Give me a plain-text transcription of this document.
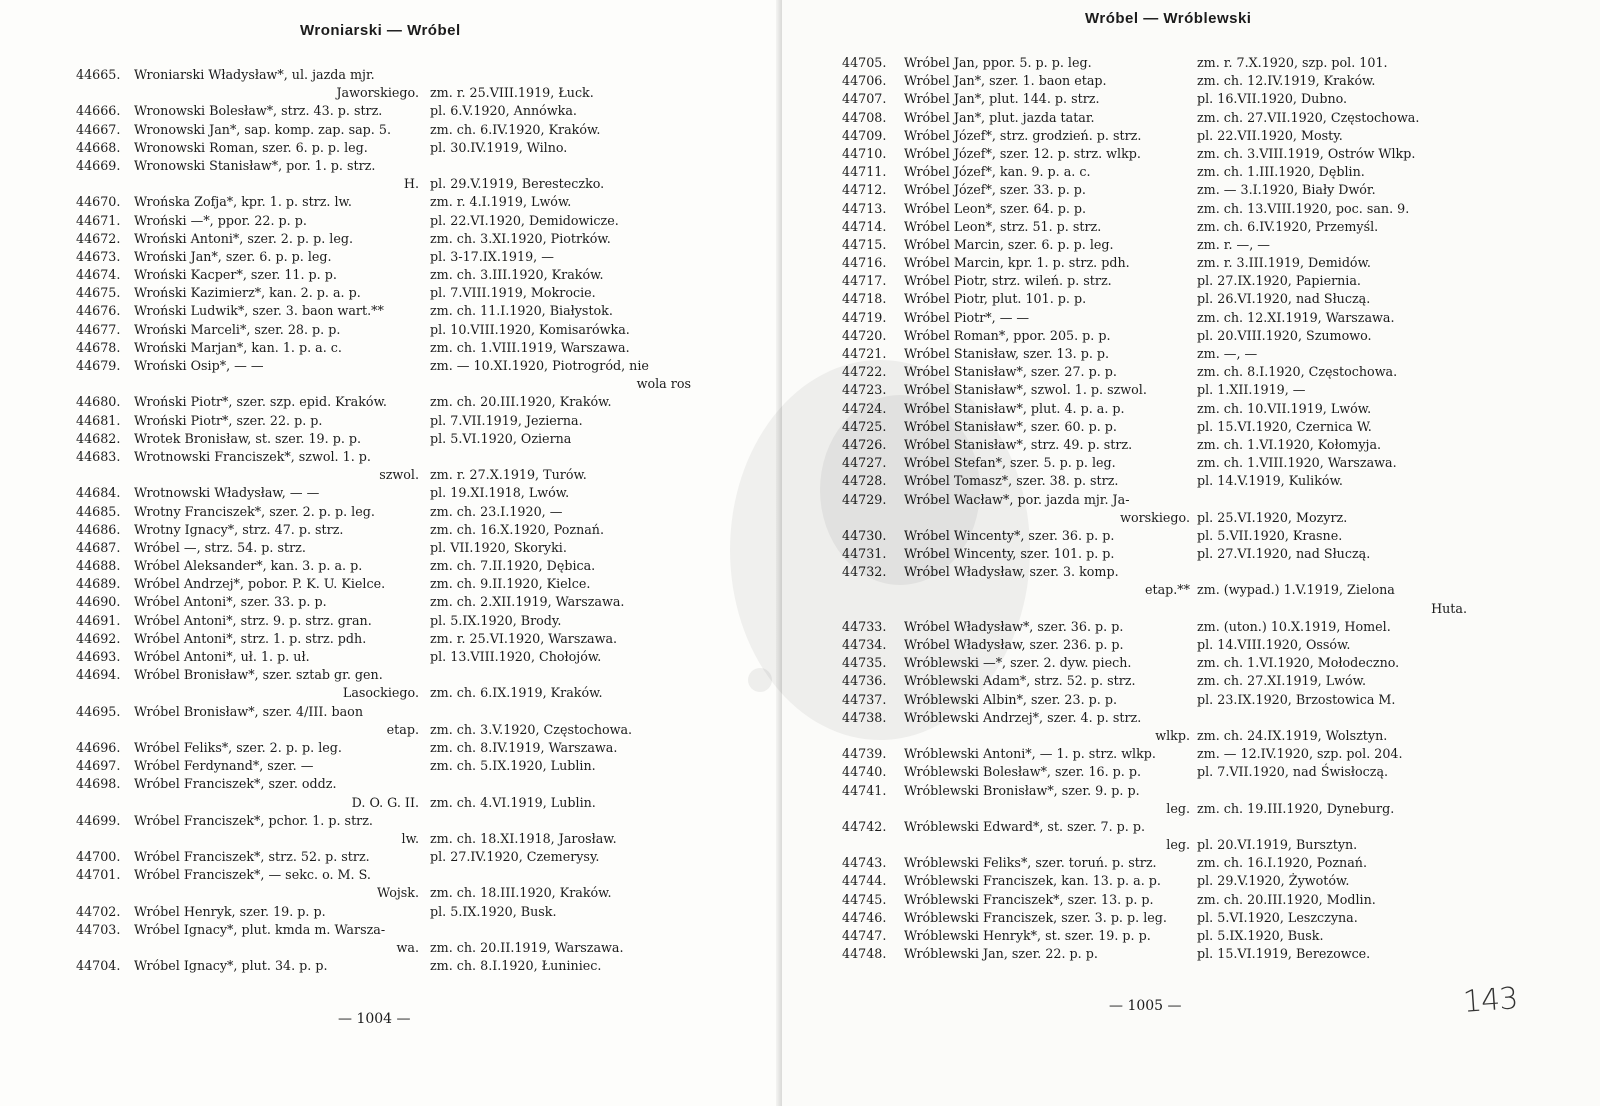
Wroniarski — Wróbel
44665. Wroniarski Władysław*, ul. jazda mjr.
Jaworskiego. zm. r. 25.VIII.1919, Łuck.
44666. Wronowski Bolesław*, strz. 43. p. strz.	pl. 6.V.1920, Annówka.
44667. Wronowski Jan*, sap. komp. zap. sap. 5.	zm. ch. 6.IV.1920, Kraków.
44668. Wronowski Roman, szer. 6. p. p. leg.	pl. 30.IV.1919, Wilno.
44669. Wronowski Stanisław*, por. 1. p. strz.
H. pl. 29.V.1919, Beresteczko.
44670. Wrońska Zofja*, kpr. 1. p. strz. lw.	zm. r. 4.I.1919, Lwów.
44671. Wroński —*, ppor. 22. p. p.	pl. 22.VI.1920, Demidowicze.
44672. Wroński Antoni*, szer. 2. p. p. leg.	zm. ch. 3.XI.1920, Piotrków.
44673. Wroński Jan*, szer. 6. p. p. leg.	pl. 3-17.IX.1919, —
44674. Wroński Kacper*, szer. 11. p. p.	zm. ch. 3.III.1920, Kraków.
44675. Wroński Kazimierz*, kan. 2. p. a. p.	pl. 7.VIII.1919, Mokrocie.
44676. Wroński Ludwik*, szer. 3. baon wart.**	zm. ch. 11.I.1920, Białystok.
44677. Wroński Marceli*, szer. 28. p. p.	pl. 10.VIII.1920, Komisarówka.
44678. Wroński Marjan*, kan. 1. p. a. c.	zm. ch. 1.VIII.1919, Warszawa.
44679. Wroński Osip*, — —	zm. — 10.XI.1920, Piotrogród, nie
wola ros
44680. Wroński Piotr*, szer. szp. epid. Kraków.	zm. ch. 20.III.1920, Kraków.
44681. Wroński Piotr*, szer. 22. p. p.	pl. 7.VII.1919, Jezierna.
44682. Wrotek Bronisław, st. szer. 19. p. p.	pl. 5.VI.1920, Ozierna
44683. Wrotnowski Franciszek*, szwol. 1. p.
szwol. zm. r. 27.X.1919, Turów.
44684. Wrotnowski Władysław, — —	pl. 19.XI.1918, Lwów.
44685. Wrotny Franciszek*, szer. 2. p. p. leg.	zm. ch. 23.I.1920, —
44686. Wrotny Ignacy*, strz. 47. p. strz.	zm. ch. 16.X.1920, Poznań.
44687. Wróbel —, strz. 54. p. strz.	pl. VII.1920, Skoryki.
44688. Wróbel Aleksander*, kan. 3. p. a. p.	zm. ch. 7.II.1920, Dębica.
44689. Wróbel Andrzej*, pobor. P. K. U. Kielce.	zm. ch. 9.II.1920, Kielce.
44690. Wróbel Antoni*, szer. 33. p. p.	zm. ch. 2.XII.1919, Warszawa.
44691. Wróbel Antoni*, strz. 9. p. strz. gran.	pl. 5.IX.1920, Brody.
44692. Wróbel Antoni*, strz. 1. p. strz. pdh.	zm. r. 25.VI.1920, Warszawa.
44693. Wróbel Antoni*, uł. 1. p. uł.	pl. 13.VIII.1920, Chołojów.
44694. Wróbel Bronisław*, szer. sztab gr. gen.
Lasockiego. zm. ch. 6.IX.1919, Kraków.
44695. Wróbel Bronisław*, szer. 4/III. baon
etap. zm. ch. 3.V.1920, Częstochowa.
44696. Wróbel Feliks*, szer. 2. p. p. leg.	zm. ch. 8.IV.1919, Warszawa.
44697. Wróbel Ferdynand*, szer. —	zm. ch. 5.IX.1920, Lublin.
44698. Wróbel Franciszek*, szer. oddz.
D. O. G. II. zm. ch. 4.VI.1919, Lublin.
44699. Wróbel Franciszek*, pchor. 1. p. strz.
lw. zm. ch. 18.XI.1918, Jarosław.
44700. Wróbel Franciszek*, strz. 52. p. strz.	pl. 27.IV.1920, Czemerysy.
44701. Wróbel Franciszek*, — sekc. o. M. S.
Wojsk. zm. ch. 18.III.1920, Kraków.
44702. Wróbel Henryk, szer. 19. p. p.	pl. 5.IX.1920, Busk.
44703. Wróbel Ignacy*, plut. kmda m. Warsza-
wa. zm. ch. 20.II.1919, Warszawa.
44704. Wróbel Ignacy*, plut. 34. p. p.	zm. ch. 8.I.1920, Łuniniec.
— 1004 —
Wróbel — Wróblewski
44705. Wróbel Jan, ppor. 5. p. p. leg.	zm. r. 7.X.1920, szp. pol. 101.
44706. Wróbel Jan*, szer. 1. baon etap.	zm. ch. 12.IV.1919, Kraków.
44707. Wróbel Jan*, plut. 144. p. strz.	pl. 16.VII.1920, Dubno.
44708. Wróbel Jan*, plut. jazda tatar.	zm. ch. 27.VII.1920, Częstochowa.
44709. Wróbel Józef*, strz. grodzień. p. strz.	pl. 22.VII.1920, Mosty.
44710. Wróbel Józef*, szer. 12. p. strz. wlkp.	zm. ch. 3.VIII.1919, Ostrów Wlkp.
44711. Wróbel Józef*, kan. 9. p. a. c.	zm. ch. 1.III.1920, Dęblin.
44712. Wróbel Józef*, szer. 33. p. p.	zm. — 3.I.1920, Biały Dwór.
44713. Wróbel Leon*, szer. 64. p. p.	zm. ch. 13.VIII.1920, poc. san. 9.
44714. Wróbel Leon*, strz. 51. p. strz.	zm. ch. 6.IV.1920, Przemyśl.
44715. Wróbel Marcin, szer. 6. p. p. leg.	zm. r. —, —
44716. Wróbel Marcin, kpr. 1. p. strz. pdh.	zm. r. 3.III.1919, Demidów.
44717. Wróbel Piotr, strz. wileń. p. strz.	pl. 27.IX.1920, Papiernia.
44718. Wróbel Piotr, plut. 101. p. p.	pl. 26.VI.1920, nad Słuczą.
44719. Wróbel Piotr*, — —	zm. ch. 12.XI.1919, Warszawa.
44720. Wróbel Roman*, ppor. 205. p. p.	pl. 20.VIII.1920, Szumowo.
44721. Wróbel Stanisław, szer. 13. p. p.	zm. —, —
44722. Wróbel Stanisław*, szer. 27. p. p.	zm. ch. 8.I.1920, Częstochowa.
44723. Wróbel Stanisław*, szwol. 1. p. szwol.	pl. 1.XII.1919, —
44724. Wróbel Stanisław*, plut. 4. p. a. p.	zm. ch. 10.VII.1919, Lwów.
44725. Wróbel Stanisław*, szer. 60. p. p.	pl. 15.VI.1920, Czernica W.
44726. Wróbel Stanisław*, strz. 49. p. strz.	zm. ch. 1.VI.1920, Kołomyja.
44727. Wróbel Stefan*, szer. 5. p. p. leg.	zm. ch. 1.VIII.1920, Warszawa.
44728. Wróbel Tomasz*, szer. 38. p. strz.	pl. 14.V.1919, Kulików.
44729. Wróbel Wacław*, por. jazda mjr. Ja-
worskiego. pl. 25.VI.1920, Mozyrz.
44730. Wróbel Wincenty*, szer. 36. p. p.	pl. 5.VII.1920, Krasne.
44731. Wróbel Wincenty, szer. 101. p. p.	pl. 27.VI.1920, nad Słuczą.
44732. Wróbel Władysław, szer. 3. komp.
etap.** zm. (wypad.) 1.V.1919, Zielona
Huta.
44733. Wróbel Władysław*, szer. 36. p. p.	zm. (uton.) 10.X.1919, Homel.
44734. Wróbel Władysław, szer. 236. p. p.	pl. 14.VIII.1920, Ossów.
44735. Wróblewski —*, szer. 2. dyw. piech.	zm. ch. 1.VI.1920, Mołodeczno.
44736. Wróblewski Adam*, strz. 52. p. strz.	zm. ch. 27.XI.1919, Lwów.
44737. Wróblewski Albin*, szer. 23. p. p.	pl. 23.IX.1920, Brzostowica M.
44738. Wróblewski Andrzej*, szer. 4. p. strz.
wlkp. zm. ch. 24.IX.1919, Wolsztyn.
44739. Wróblewski Antoni*, — 1. p. strz. wlkp.	zm. — 12.IV.1920, szp. pol. 204.
44740. Wróblewski Bolesław*, szer. 16. p. p.	pl. 7.VII.1920, nad Świsłoczą.
44741. Wróblewski Bronisław*, szer. 9. p. p.
leg. zm. ch. 19.III.1920, Dyneburg.
44742. Wróblewski Edward*, st. szer. 7. p. p.
leg. pl. 20.VI.1919, Bursztyn.
44743. Wróblewski Feliks*, szer. toruń. p. strz.	zm. ch. 16.I.1920, Poznań.
44744. Wróblewski Franciszek, kan. 13. p. a. p.	pl. 29.V.1920, Żywotów.
44745. Wróblewski Franciszek*, szer. 13. p. p.	zm. ch. 20.III.1920, Modlin.
44746. Wróblewski Franciszek, szer. 3. p. p. leg. pl. 5.VI.1920, Leszczyna.
44747. Wróblewski Henryk*, st. szer. 19. p. p.	pl. 5.IX.1920, Busk.
44748. Wróblewski Jan, szer. 22. p. p.	pl. 15.VI.1919, Berezowce.
— 1005 —	143
